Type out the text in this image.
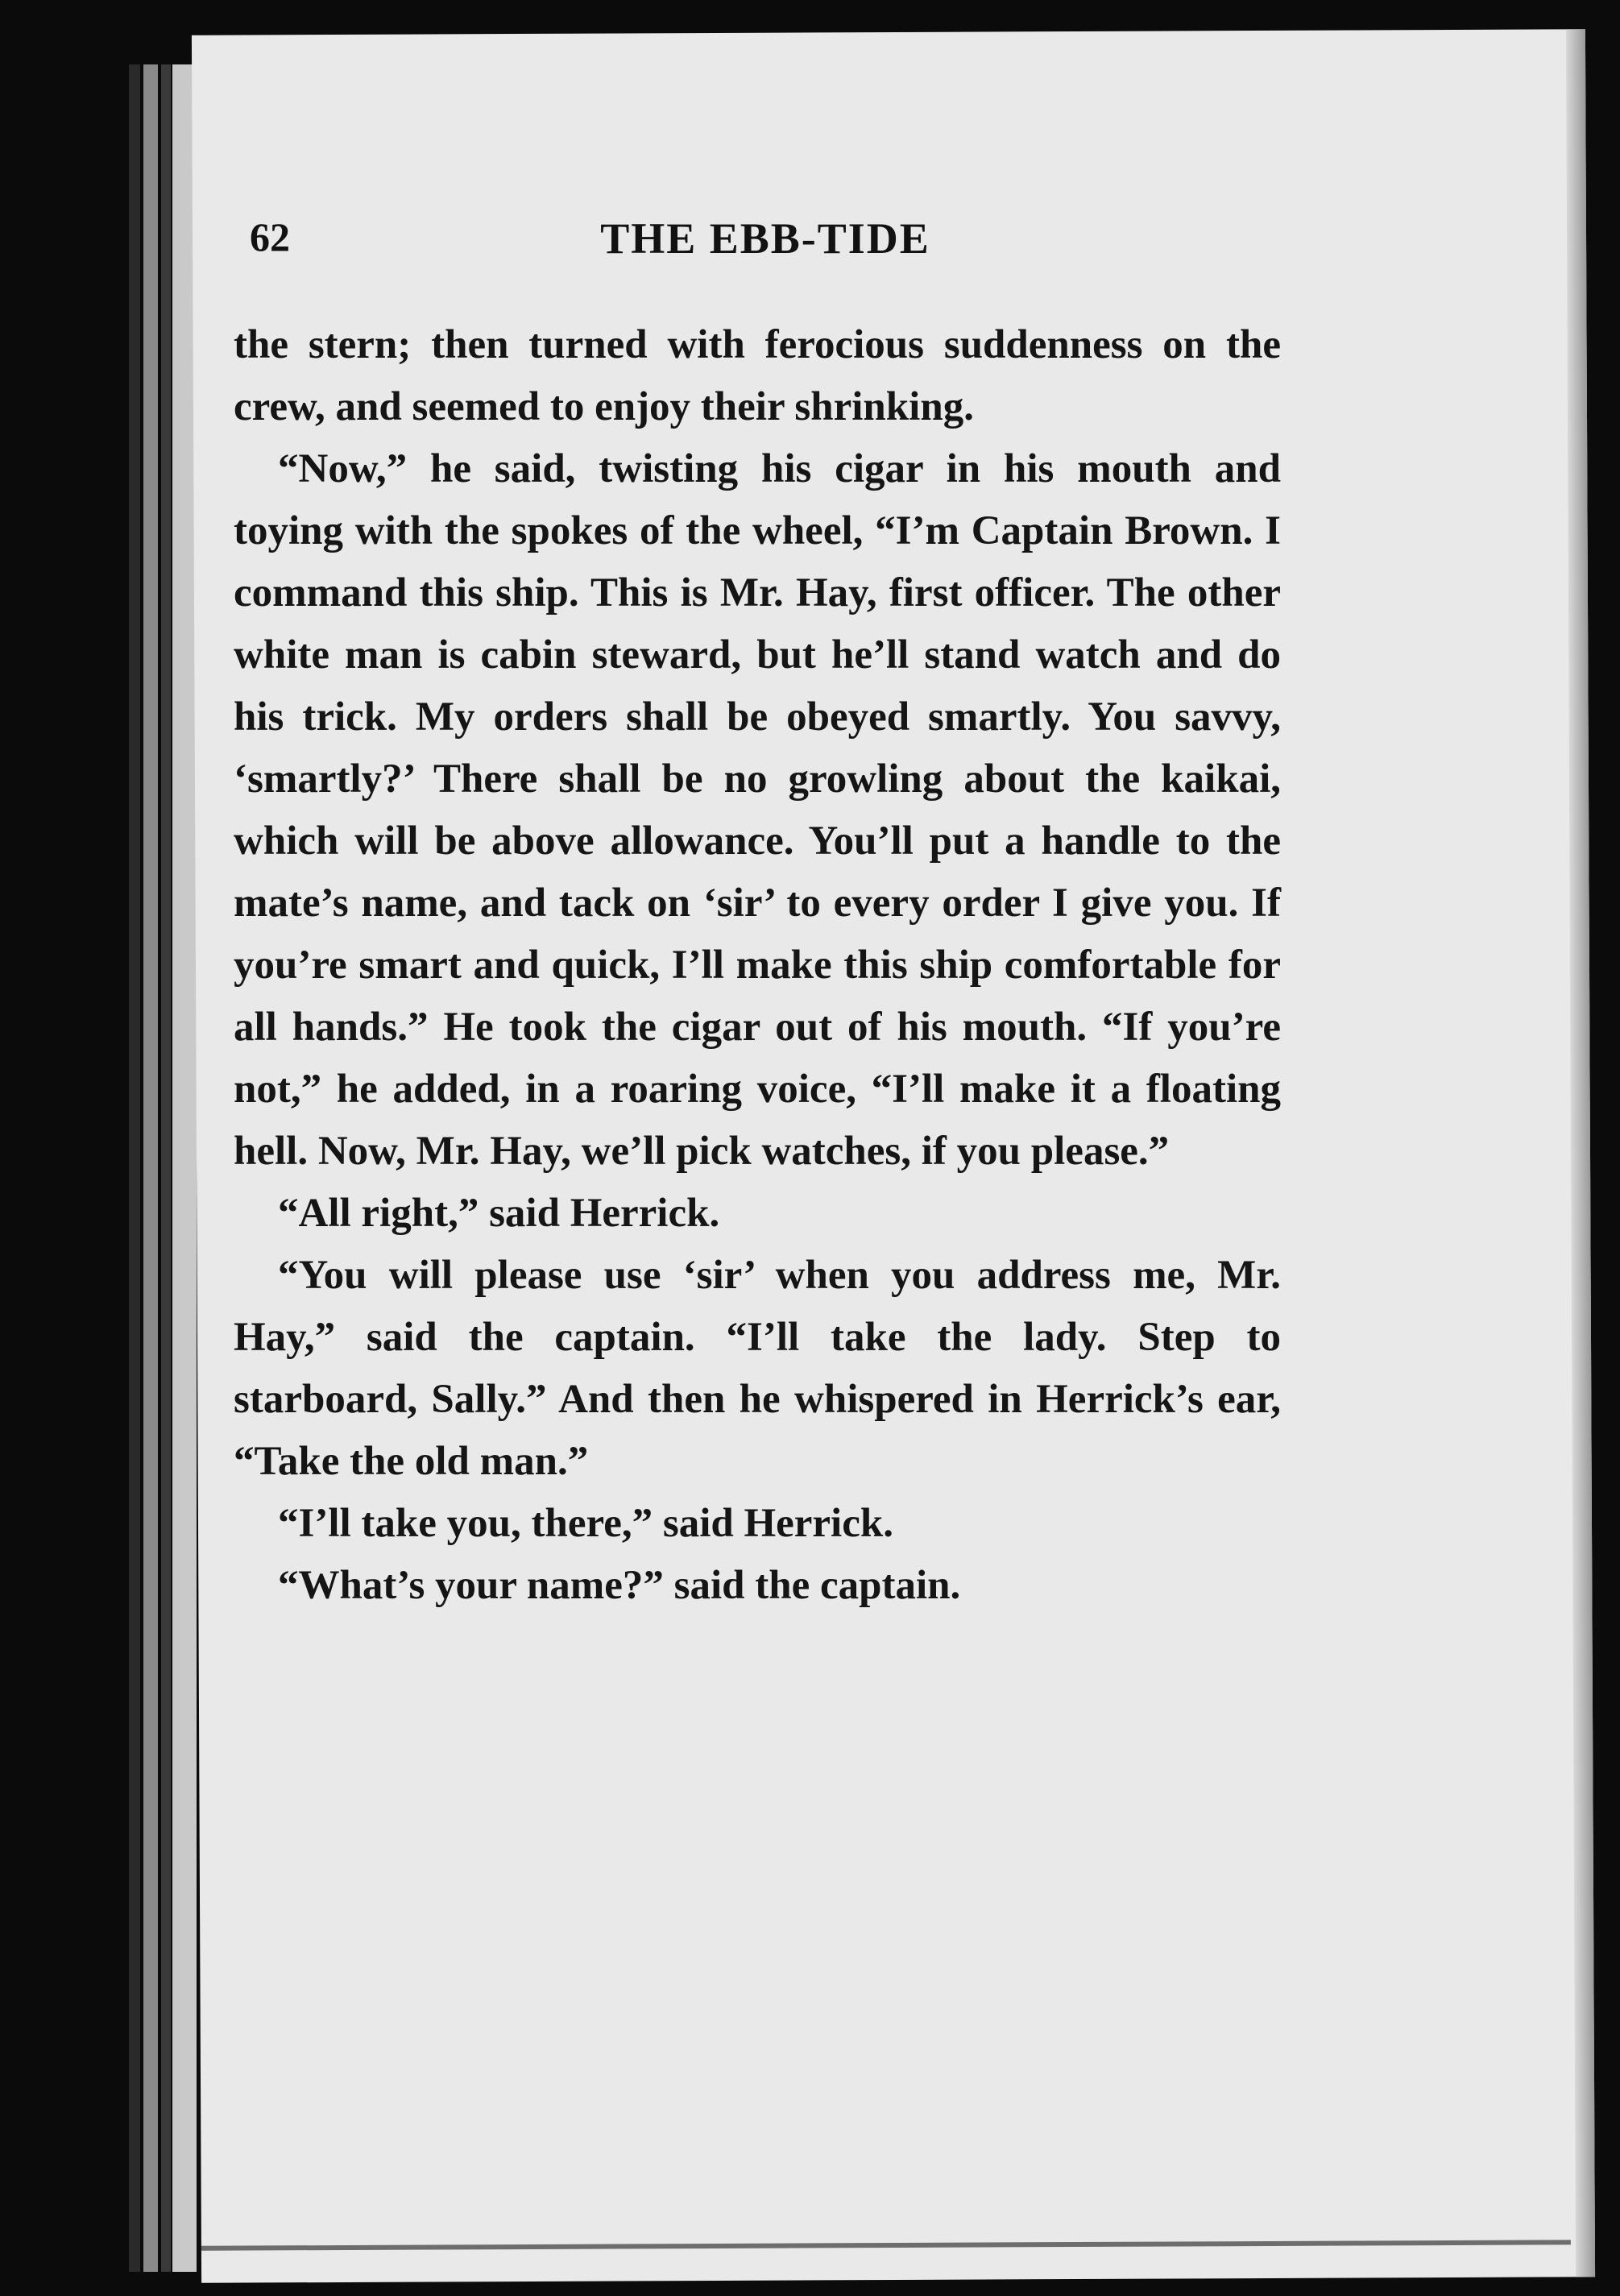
62	THE EBB-TIDE

the stern; then turned with ferocious suddenness on the crew, and seemed to enjoy their shrinking.

“Now,” he said, twisting his cigar in his mouth and toying with the spokes of the wheel, “I’m Captain Brown. I command this ship. This is Mr. Hay, first officer. The other white man is cabin steward, but he’ll stand watch and do his trick. My orders shall be obeyed smartly. You savvy, ‘smartly?’ There shall be no growling about the kaikai, which will be above allowance. You’ll put a handle to the mate’s name, and tack on ‘sir’ to every order I give you. If you’re smart and quick, I’ll make this ship comfortable for all hands.” He took the cigar out of his mouth. “If you’re not,” he added, in a roaring voice, “I’ll make it a floating hell. Now, Mr. Hay, we’ll pick watches, if you please.”

“All right,” said Herrick.

“You will please use ‘sir’ when you address me, Mr. Hay,” said the captain. “I’ll take the lady. Step to starboard, Sally.” And then he whispered in Herrick’s ear, “Take the old man.”

“I’ll take you, there,” said Herrick.

“What’s your name?” said the captain.
